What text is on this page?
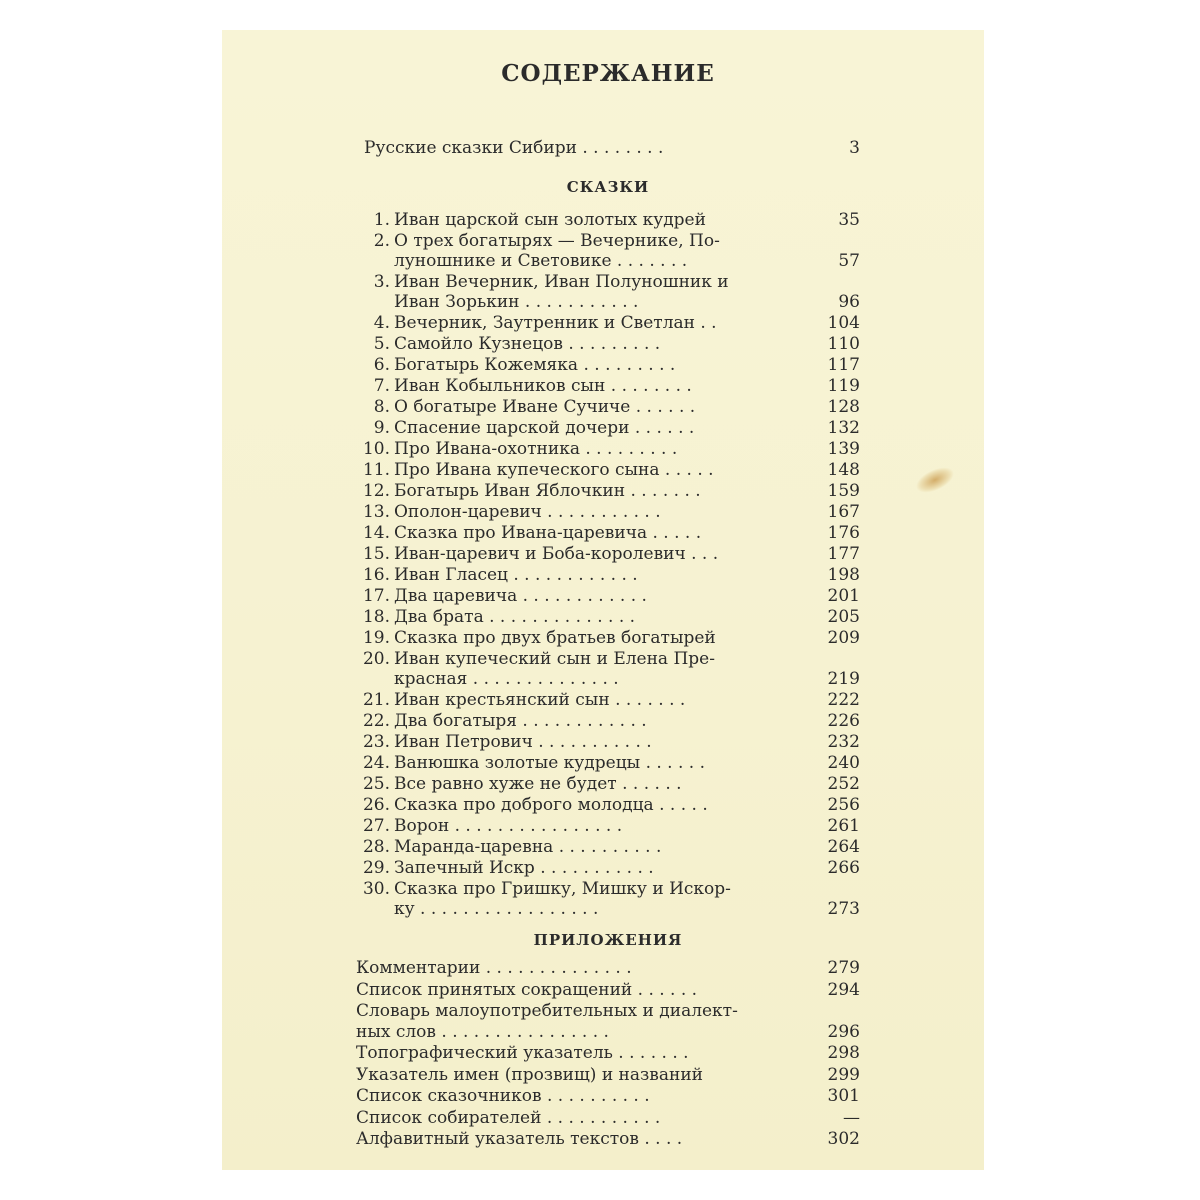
СОДЕРЖАНИЕ
Русские сказки Сибири . . . . . . . .	3
СКАЗКИ
1. Иван царской сын золотых кудрей	35
2. О трех богатырях — Вечернике, По-
луношнике и Световике . . . . . . .	57
3. Иван Вечерник, Иван Полуношник и
Иван Зорькин . . . . . . . . . . .	96
4. Вечерник, Заутренник и Светлан . .	104
5. Самойло Кузнецов . . . . . . . . .	110
6. Богатырь Кожемяка . . . . . . . . .	117
7. Иван Кобыльников сын . . . . . . . .	119
8. О богатыре Иване Сучиче . . . . . .	128
9. Спасение царской дочери . . . . . .	132
10. Про Ивана-охотника . . . . . . . . .	139
11. Про Ивана купеческого сына . . . . .	148
12. Богатырь Иван Яблочкин . . . . . . .	159
13. Ополон-царевич . . . . . . . . . . .	167
14. Сказка про Ивана-царевича . . . . .	176
15. Иван-царевич и Боба-королевич . . .	177
16. Иван Гласец . . . . . . . . . . . .	198
17. Два царевича . . . . . . . . . . . .	201
18. Два брата . . . . . . . . . . . . . .	205
19. Сказка про двух братьев богатырей	209
20. Иван купеческий сын и Елена Пре-
красная . . . . . . . . . . . . . .	219
21. Иван крестьянский сын . . . . . . .	222
22. Два богатыря . . . . . . . . . . . .	226
23. Иван Петрович . . . . . . . . . . .	232
24. Ванюшка золотые кудрецы . . . . . .	240
25. Все равно хуже не будет . . . . . .	252
26. Сказка про доброго молодца . . . . .	256
27. Ворон . . . . . . . . . . . . . . . .	261
28. Маранда-царевна . . . . . . . . . .	264
29. Запечный Искр . . . . . . . . . . .	266
30. Сказка про Гришку, Мишку и Искор-
ку . . . . . . . . . . . . . . . . .	273
ПРИЛОЖЕНИЯ
Комментарии . . . . . . . . . . . . . .	279
Список принятых сокращений . . . . . .	294
Словарь малоупотребительных и диалект-
ных слов . . . . . . . . . . . . . . . .	296
Топографический указатель . . . . . . .	298
Указатель имен (прозвищ) и названий	299
Список сказочников . . . . . . . . . .	301
Список собирателей . . . . . . . . . . .	—
Алфавитный указатель текстов . . . .	302
